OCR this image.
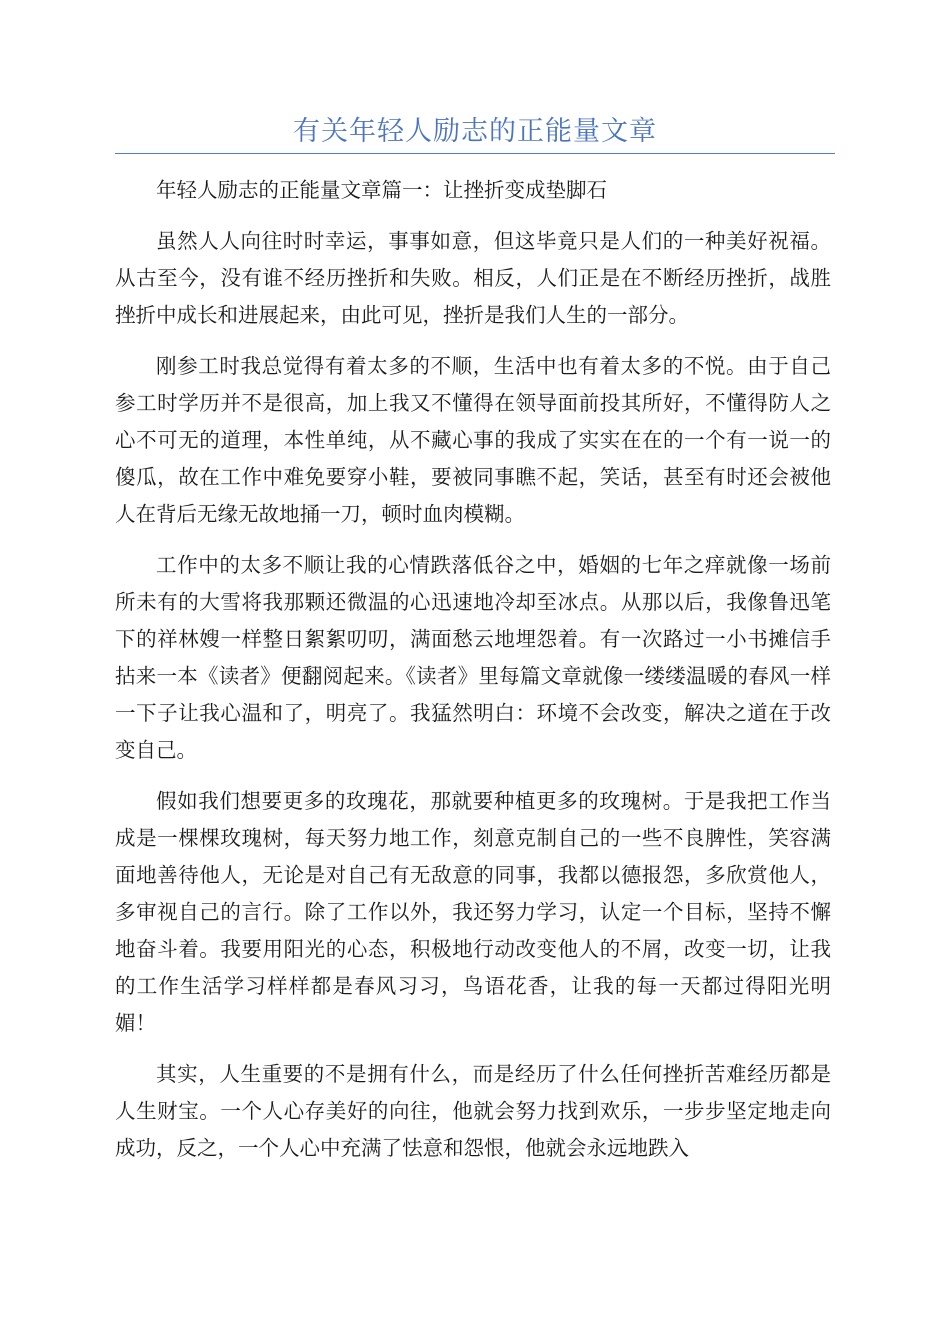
有关年轻人励志的正能量文章

年轻人励志的正能量文章篇一：让挫折变成垫脚石

虽然人人向往时时幸运，事事如意，但这毕竟只是人们的一种美好祝福。从古至今，没有谁不经历挫折和失败。相反，人们正是在不断经历挫折，战胜挫折中成长和进展起来，由此可见，挫折是我们人生的一部分。

刚参工时我总觉得有着太多的不顺，生活中也有着太多的不悦。由于自己参工时学历并不是很高，加上我又不懂得在领导面前投其所好，不懂得防人之心不可无的道理，本性单纯，从不藏心事的我成了实实在在的一个有一说一的傻瓜，故在工作中难免要穿小鞋，要被同事瞧不起，笑话，甚至有时还会被他人在背后无缘无故地捅一刀，顿时血肉模糊。

工作中的太多不顺让我的心情跌落低谷之中，婚姻的七年之痒就像一场前所未有的大雪将我那颗还微温的心迅速地冷却至冰点。从那以后，我像鲁迅笔下的祥林嫂一样整日絮絮叨叨，满面愁云地埋怨着。有一次路过一小书摊信手拈来一本《读者》便翻阅起来。《读者》里每篇文章就像一缕缕温暖的春风一样一下子让我心温和了，明亮了。我猛然明白：环境不会改变，解决之道在于改变自己。

假如我们想要更多的玫瑰花，那就要种植更多的玫瑰树。于是我把工作当成是一棵棵玫瑰树，每天努力地工作，刻意克制自己的一些不良脾性，笑容满面地善待他人，无论是对自己有无敌意的同事，我都以德报怨，多欣赏他人，多审视自己的言行。除了工作以外，我还努力学习，认定一个目标，坚持不懈地奋斗着。我要用阳光的心态，积极地行动改变他人的不屑，改变一切，让我的工作生活学习样样都是春风习习，鸟语花香，让我的每一天都过得阳光明媚！

其实，人生重要的不是拥有什么，而是经历了什么任何挫折苦难经历都是人生财宝。一个人心存美好的向往，他就会努力找到欢乐，一步步坚定地走向成功，反之，一个人心中充满了怯意和怨恨，他就会永远地跌入
